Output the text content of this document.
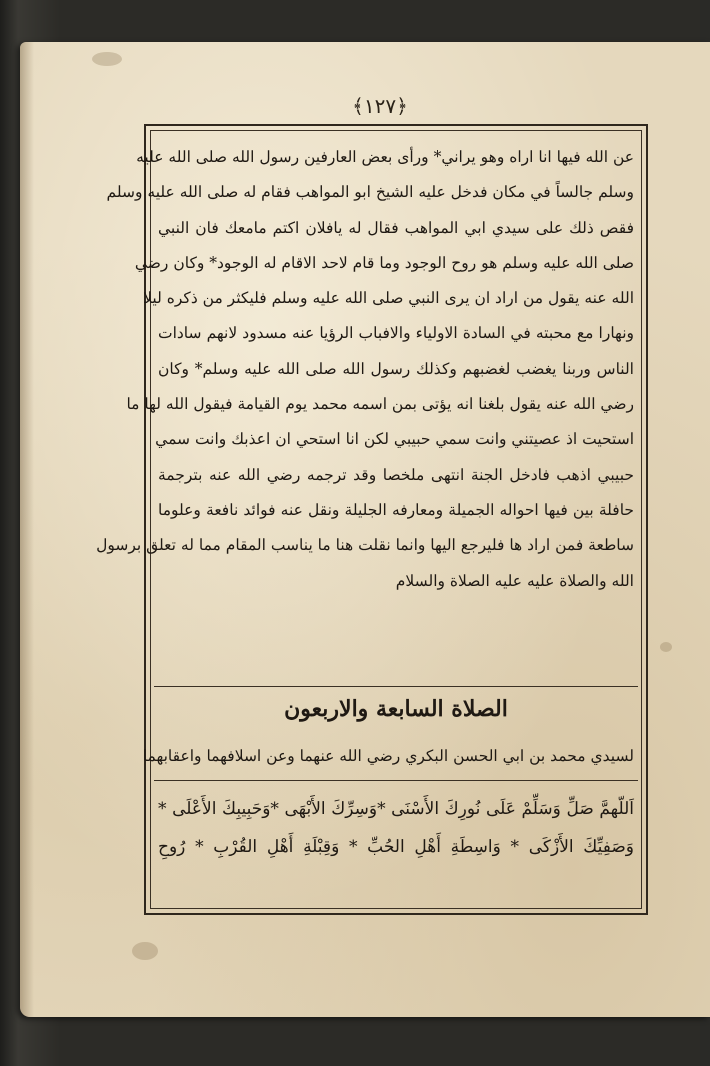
﴿١٢٧﴾
عن الله فيها انا اراه وهو يراني* ورأى بعض العارفين رسول الله صلى الله عليه
وسلم جالساً في مكان فدخل عليه الشيخ ابو المواهب فقام له صلى الله عليه وسلم
فقص ذلك على سيدي ابي المواهب فقال له يافلان اكتم مامعك فان النبي
صلى الله عليه وسلم هو روح الوجود وما قام لاحد الاقام له الوجود* وكان رضي
الله عنه يقول من اراد ان يرى النبي صلى الله عليه وسلم فليكثر من ذكره ليلا
ونهارا مع محبته في السادة الاولياء والافباب الرؤيا عنه مسدود لانهم سادات
الناس وربنا يغضب لغضبهم وكذلك رسول الله صلى الله عليه وسلم* وكان
رضي الله عنه يقول بلغنا انه يؤتى بمن اسمه محمد يوم القيامة فيقول الله لها ما
استحيت اذ عصيتني وانت سمي حبيبي لكن انا استحي ان اعذبك وانت سمي
حبيبي اذهب فادخل الجنة انتهى ملخصا وقد ترجمه رضي الله عنه بترجمة
حافلة بين فيها احواله الجميلة ومعارفه الجليلة ونقل عنه فوائد نافعة وعلوما
ساطعة فمن اراد ها فليرجع اليها وانما نقلت هنا ما يناسب المقام مما له تعلق برسول
الله والصلاة عليه عليه الصلاة والسلام
الصلاة السابعة والاربعون
لسيدي محمد بن ابي الحسن البكري رضي الله عنهما وعن اسلافهما واعقابهما
اَللّهمَّ صَلِّ وَسَلِّمْ عَلَى نُورِكَ الأَسْنَى *وَسِرِّكَ الأَبْهَى *وَحَبِيبِكَ الأَعْلَى *
وَصَفِيِّكَ الأَزْكَى * وَاسِطَةِ أَهْلِ الحُبِّ * وَقِبْلَةِ أَهْلِ القُرْبِ * رُوحِ
